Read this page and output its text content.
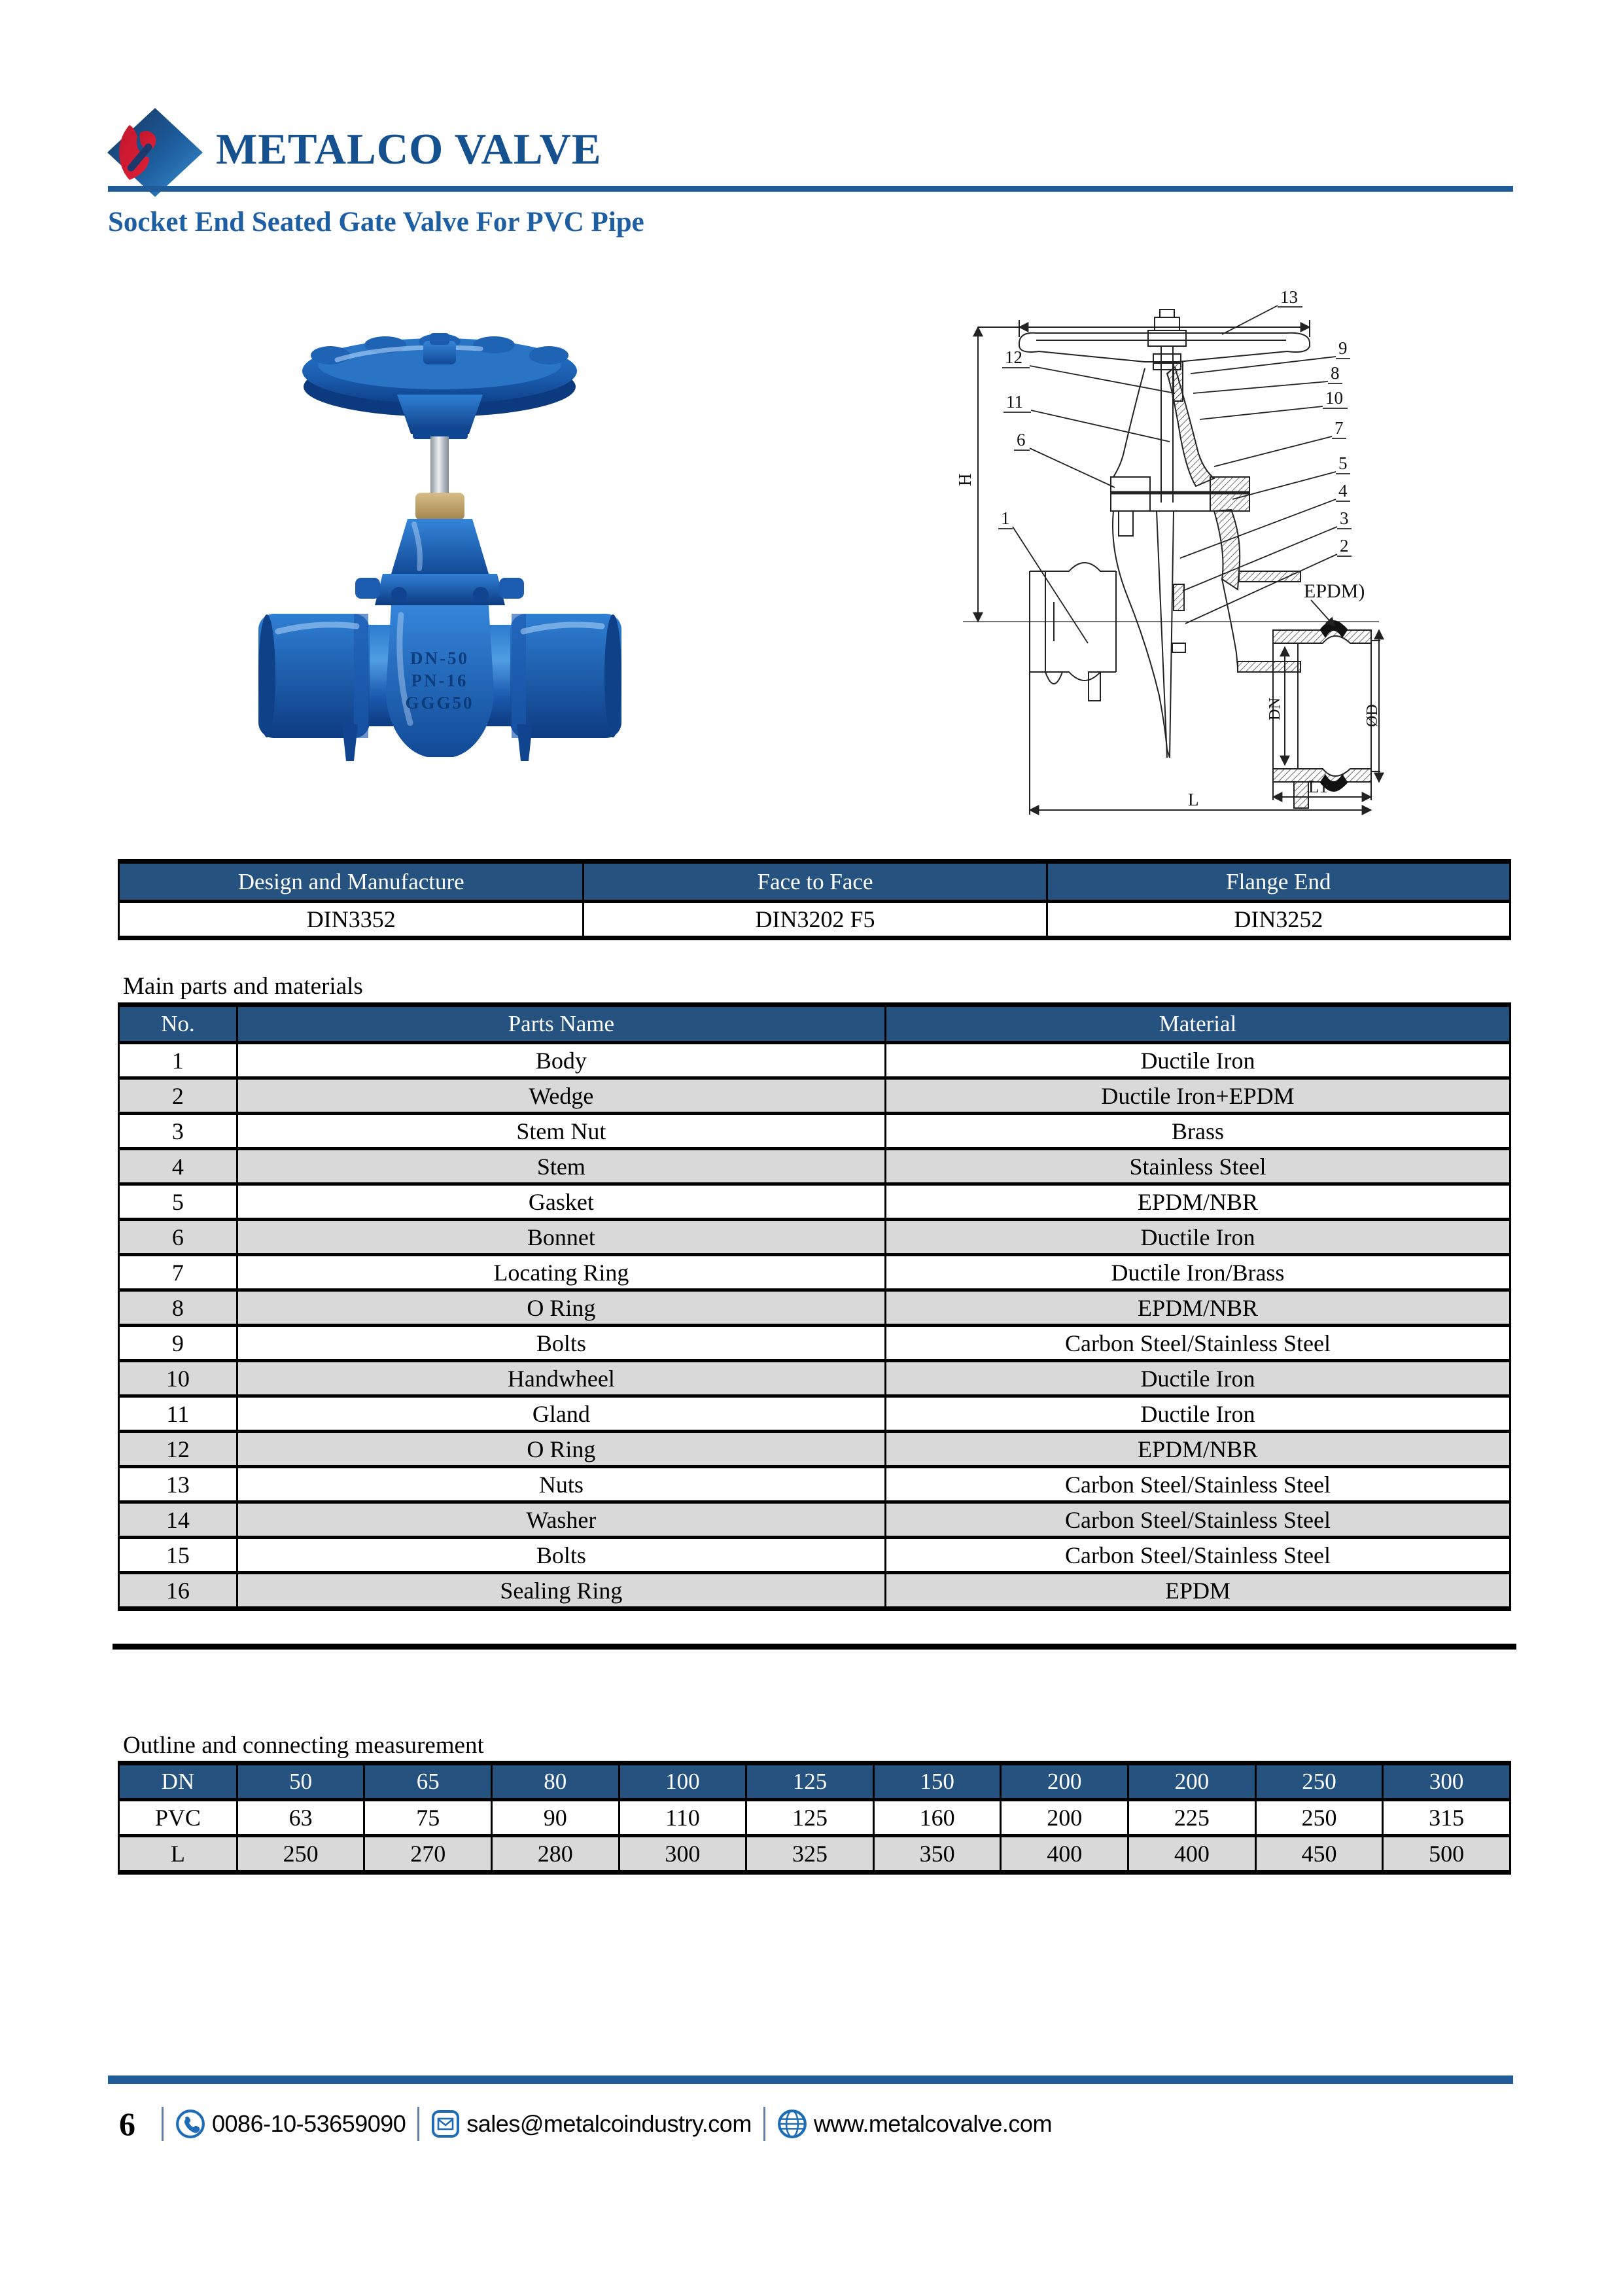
METALCO VALVE
Socket End Seated Gate Valve For PVC Pipe
DN-50
PN-16
GGG50
12
11
6
1
13
9
8
10
7
5
4
3
2
EPDM)
H
L
L1
DN	ØD
Design and Manufacture	Face to Face	Flange End
DIN3352	DIN3202 F5	DIN3252
Main parts and materials
No.	Parts Name	Material
1	Body	Ductile Iron
2	Wedge	Ductile Iron+EPDM
3	Stem Nut	Brass
4	Stem	Stainless Steel
5	Gasket	EPDM/NBR
6	Bonnet	Ductile Iron
7	Locating Ring	Ductile Iron/Brass
8	O Ring	EPDM/NBR
9	Bolts	Carbon Steel/Stainless Steel
10	Handwheel	Ductile Iron
11	Gland	Ductile Iron
12	O Ring	EPDM/NBR
13	Nuts	Carbon Steel/Stainless Steel
14	Washer	Carbon Steel/Stainless Steel
15	Bolts	Carbon Steel/Stainless Steel
16	Sealing Ring	EPDM
Outline and connecting measurement
DN	50	65	80	100	125	150	200	200	250	300
PVC	63	75	90	110	125	160	200	225	250	315
L	250	270	280	300	325	350	400	400	450	500
6	0086-10-53659090	sales@metalcoindustry.com	www.metalcovalve.com
